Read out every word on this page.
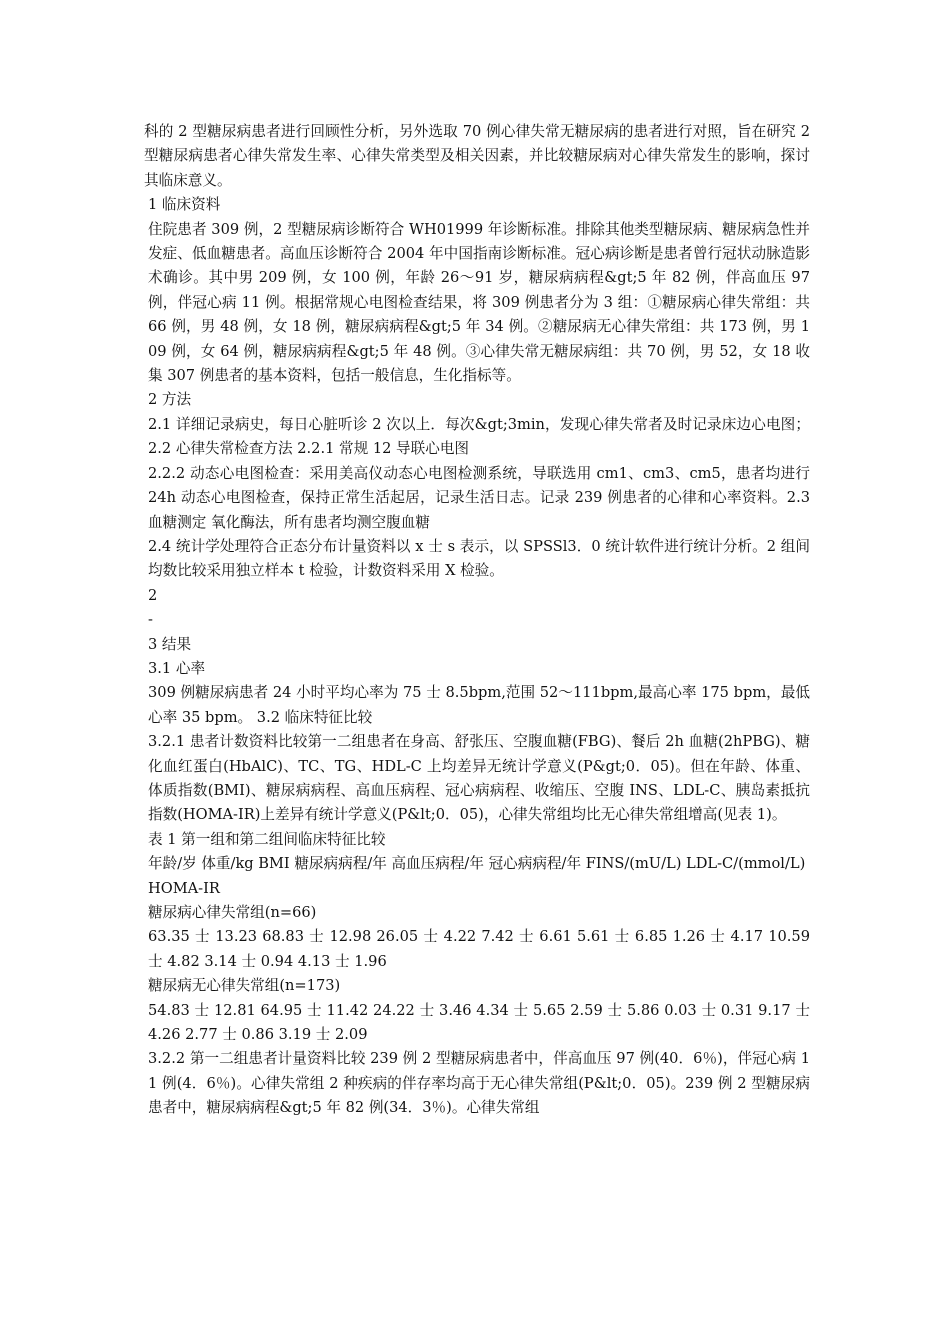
科的 2 型糖尿病患者进行回顾性分析，另外选取 70 例心律失常无糖尿病的患者进行对照，旨在研究 2 型糖尿病患者心律失常发生率、心律失常类型及相关因素，并比较糖尿病对心律失常发生的影响，探讨其临床意义。

1 临床资料

住院患者 309 例，2 型糖尿病诊断符合 WH01999 年诊断标准。排除其他类型糖尿病、糖尿病急性并发症、低血糖患者。高血压诊断符合 2004 年中国指南诊断标准。冠心病诊断是患者曾行冠状动脉造影术确诊。其中男 209 例，女 100 例，年龄 26～91 岁，糖尿病病程&gt;5 年 82 例，伴高血压 97 例，伴冠心病 11 例。根据常规心电图检查结果，将 309 例患者分为 3 组：①糖尿病心律失常组：共 66 例，男 48 例，女 18 例，糖尿病病程&gt;5 年 34 例。②糖尿病无心律失常组：共 173 例，男 109 例，女 64 例，糖尿病病程&gt;5 年 48 例。③心律失常无糖尿病组：共 70 例，男 52，女 18 收集 307 例患者的基本资料，包括一般信息，生化指标等。

2 方法

2.1 详细记录病史，每日心脏听诊 2 次以上．每次&gt;3min，发现心律失常者及时记录床边心电图； 2.2 心律失常检查方法 2.2.1 常规 12 导联心电图

2.2.2 动态心电图检查：采用美高仪动态心电图检测系统，导联选用 cm1、cm3、cm5，患者均进行 24h 动态心电图检查，保持正常生活起居，记录生活日志。记录 239 例患者的心律和心率资料。2.3 血糖测定 氧化酶法，所有患者均测空腹血糖

2.4 统计学处理符合正态分布计量资料以 x 士 s 表示，以 SPSSl3．0 统计软件进行统计分析。2 组间均数比较采用独立样本 t 检验，计数资料采用 X 检验。

2

-

3 结果

3.1 心率

309 例糖尿病患者 24 小时平均心率为 75 士 8.5bpm,范围 52～111bpm,最高心率 175 bpm，最低心率 35 bpm。 3.2 临床特征比较

3.2.1 患者计数资料比较第一二组患者在身高、舒张压、空腹血糖(FBG)、餐后 2h 血糖(2hPBG)、糖化血红蛋白(HbAlC)、TC、TG、HDL-C 上均差异无统计学意义(P&gt;0．05)。但在年龄、体重、体质指数(BMI)、糖尿病病程、高血压病程、冠心病病程、收缩压、空腹 INS、LDL-C、胰岛素抵抗指数(HOMA-IR)上差异有统计学意义(P&lt;0．05)，心律失常组均比无心律失常组增高(见表 1)。

表 1 第一组和第二组间临床特征比较

年龄/岁 体重/kg BMI 糖尿病病程/年 高血压病程/年 冠心病病程/年 FINS/(mU/L) LDL-C/(mmol/L)

HOMA-IR

糖尿病心律失常组(n=66)

63.35 士 13.23 68.83 士 12.98 26.05 士 4.22 7.42 士 6.61 5.61 士 6.85 1.26 士 4.17 10.59 士 4.82 3.14 士 0.94 4.13 士 1.96

糖尿病无心律失常组(n=173)

54.83 士 12.81 64.95 士 11.42 24.22 士 3.46 4.34 士 5.65 2.59 士 5.86 0.03 士 0.31 9.17 士 4.26 2.77 士 0.86 3.19 士 2.09

3.2.2 第一二组患者计量资料比较 239 例 2 型糖尿病患者中，伴高血压 97 例(40．6％)，伴冠心病 11 例(4．6％)。心律失常组 2 种疾病的伴存率均高于无心律失常组(P&lt;0．05)。239 例 2 型糖尿病患者中，糖尿病病程&gt;5 年 82 例(34．3％)。心律失常组
